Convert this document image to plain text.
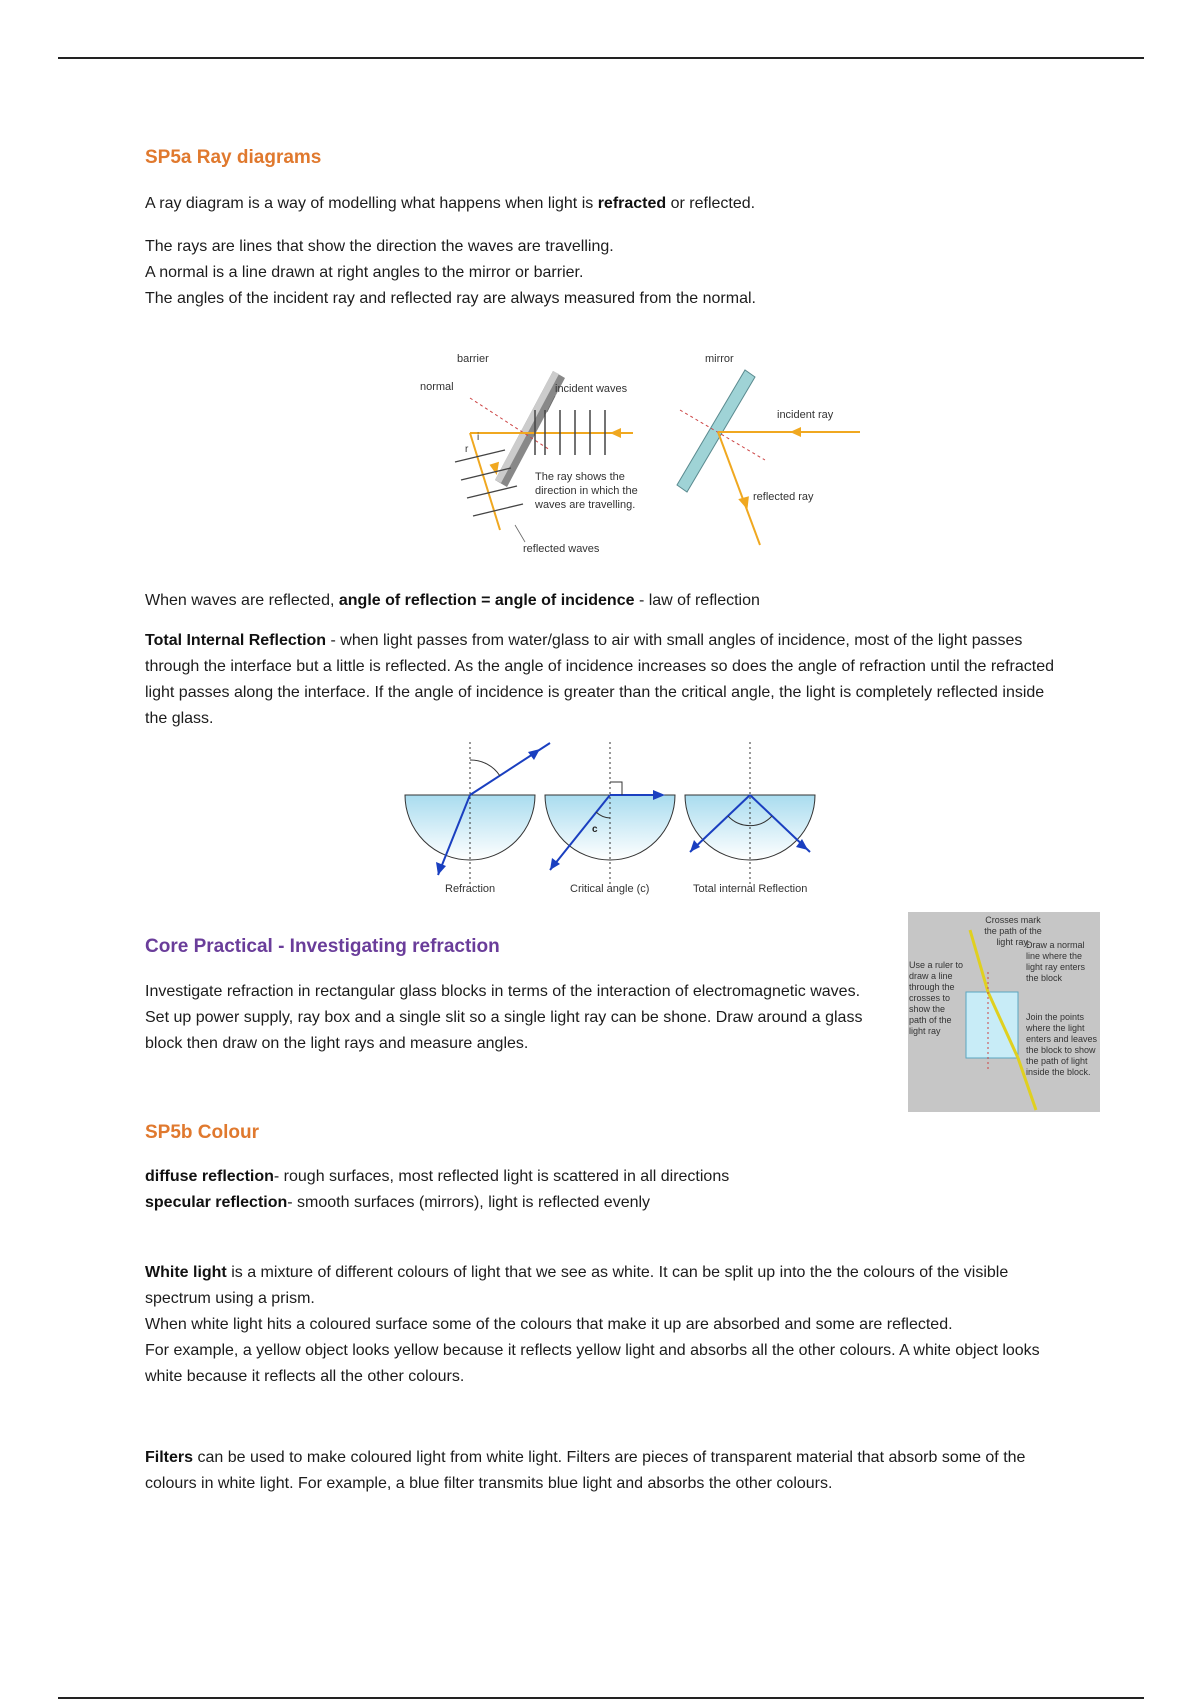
SP5a Ray diagrams
A ray diagram is a way of modelling what happens when light is refracted or reflected.

The rays are lines that show the direction the waves are travelling.

A normal is a line drawn at right angles to the mirror or barrier.

The angles of the incident ray and reflected ray are always measured from the normal.

barrier
normal	incident waves
i
r
The ray shows the
direction in which the
waves are travelling.
reflected waves
mirror
incident ray
reflected ray
When waves are reflected, angle of reflection = angle of incidence - law of reflection
Total Internal Reflection - when light passes from water/glass to air with small angles of incidence, most of the light passes through the interface but a little is reflected. As the angle of incidence increases so does the angle of refraction until the refracted light passes along the interface. If the angle of incidence is greater than the critical angle, the light is completely reflected inside the glass.
c
Refraction	Critical angle (c)	Total internal Reflection
Core Practical - Investigating refraction

Investigate refraction in rectangular glass blocks in terms of the interaction of electromagnetic waves. Set up power supply, ray box and a single slit so a single light ray can be shone. Draw around a glass block then draw on the light rays and measure angles.

Crosses mark the path of the light ray.
Draw a normal line where the light ray enters the block
Use a ruler to draw a line through the crosses to show the path of the light ray
Join the points where the light enters and leaves the block to show the path of light inside the block.
SP5b Colour

diffuse reflection- rough surfaces, most reflected light is scattered in all directions

specular reflection- smooth surfaces (mirrors), light is reflected evenly

White light is a mixture of different colours of light that we see as white. It can be split up into the the colours of the visible spectrum using a prism.

When white light hits a coloured surface some of the colours that make it up are absorbed and some are reflected.

For example, a yellow object looks yellow because it reflects yellow light and absorbs all the other colours. A white object looks white because it reflects all the other colours.

Filters can be used to make coloured light from white light. Filters are pieces of transparent material that absorb some of the colours in white light. For example, a blue filter transmits blue light and absorbs the other colours.
